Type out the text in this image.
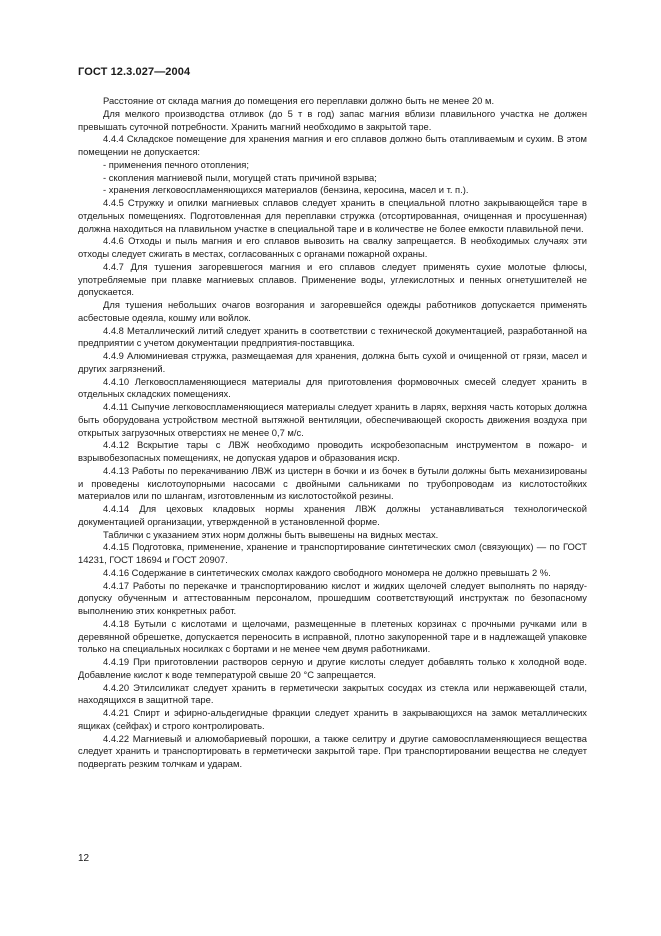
ГОСТ 12.3.027—2004

Расстояние от склада магния до помещения его переплавки должно быть не менее 20 м.

Для мелкого производства отливок (до 5 т в год) запас магния вблизи плавильного участка не должен превышать суточной потребности. Хранить магний необходимо в закрытой таре.

4.4.4 Складское помещение для хранения магния и его сплавов должно быть отапливаемым и сухим. В этом помещении не допускается:

- применения печного отопления;

- скопления магниевой пыли, могущей стать причиной взрыва;

- хранения легковоспламеняющихся материалов (бензина, керосина, масел и т. п.).

4.4.5 Стружку и опилки магниевых сплавов следует хранить в специальной плотно закрывающейся таре в отдельных помещениях. Подготовленная для переплавки стружка (отсортированная, очищенная и просушенная) должна находиться на плавильном участке в специальной таре и в количестве не более емкости плавильной печи.

4.4.6 Отходы и пыль магния и его сплавов вывозить на свалку запрещается. В необходимых случаях эти отходы следует сжигать в местах, согласованных с органами пожарной охраны.

4.4.7 Для тушения загоревшегося магния и его сплавов следует применять сухие молотые флюсы, употребляемые при плавке магниевых сплавов. Применение воды, углекислотных и пенных огнетушителей не допускается.

Для тушения небольших очагов возгорания и загоревшейся одежды работников допускается применять асбестовые одеяла, кошму или войлок.

4.4.8 Металлический литий следует хранить в соответствии с технической документацией, разработанной на предприятии с учетом документации предприятия-поставщика.

4.4.9 Алюминиевая стружка, размещаемая для хранения, должна быть сухой и очищенной от грязи, масел и других загрязнений.

4.4.10 Легковоспламеняющиеся материалы для приготовления формовочных смесей следует хранить в отдельных складских помещениях.

4.4.11 Сыпучие легковоспламеняющиеся материалы следует хранить в ларях, верхняя часть которых должна быть оборудована устройством местной вытяжной вентиляции, обеспечивающей скорость движения воздуха при открытых загрузочных отверстиях не менее 0,7 м/с.

4.4.12 Вскрытие тары с ЛВЖ необходимо проводить искробезопасным инструментом в пожаро- и взрывобезопасных помещениях, не допуская ударов и образования искр.

4.4.13 Работы по перекачиванию ЛВЖ из цистерн в бочки и из бочек в бутыли должны быть механизированы и проведены кислотоупорными насосами с двойными сальниками по трубопроводам из кислотостойких материалов или по шлангам, изготовленным из кислотостойкой резины.

4.4.14 Для цеховых кладовых нормы хранения ЛВЖ должны устанавливаться технологической документацией организации, утвержденной в установленной форме.

Таблички с указанием этих норм должны быть вывешены на видных местах.

4.4.15 Подготовка, применение, хранение и транспортирование синтетических смол (связующих) — по ГОСТ 14231, ГОСТ 18694 и ГОСТ 20907.

4.4.16 Содержание в синтетических смолах каждого свободного мономера не должно превышать 2 %.

4.4.17 Работы по перекачке и транспортированию кислот и жидких щелочей следует выполнять по наряду-допуску обученным и аттестованным персоналом, прошедшим соответствующий инструктаж по безопасному выполнению этих конкретных работ.

4.4.18 Бутыли с кислотами и щелочами, размещенные в плетеных корзинах с прочными ручками или в деревянной обрешетке, допускается переносить в исправной, плотно закупоренной таре и в надлежащей упаковке только на специальных носилках с бортами и не менее чем двумя работниками.

4.4.19 При приготовлении растворов серную и другие кислоты следует добавлять только к холодной воде. Добавление кислот к воде температурой свыше 20 °С запрещается.

4.4.20 Этилсиликат следует хранить в герметически закрытых сосудах из стекла или нержавеющей стали, находящихся в защитной таре.

4.4.21 Спирт и эфирно-альдегидные фракции следует хранить в закрывающихся на замок металлических ящиках (сейфах) и строго контролировать.

4.4.22 Магниевый и алюмобариевый порошки, а также селитру и другие самовоспламеняющиеся вещества следует хранить и транспортировать в герметически закрытой таре. При транспортировании вещества не следует подвергать резким толчкам и ударам.

12
